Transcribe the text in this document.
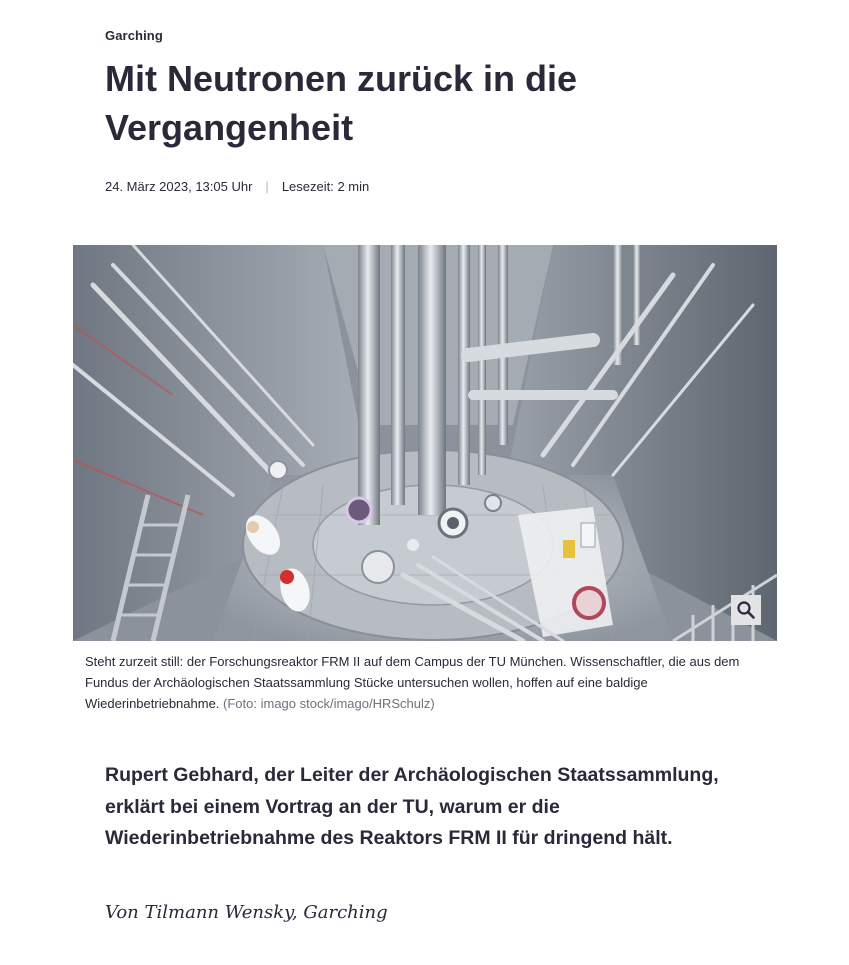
Garching
Mit Neutronen zurück in die Vergangenheit
24. März 2023, 13:05 Uhr | Lesezeit: 2 min

Steht zurzeit still: der Forschungsreaktor FRM II auf dem Campus der TU München. Wissenschaftler, die aus dem Fundus der Archäologischen Staatssammlung Stücke untersuchen wollen, hoffen auf eine baldige Wiederinbetriebnahme. (Foto: imago stock/imago/HRSchulz)

Rupert Gebhard, der Leiter der Archäologischen Staatssammlung, erklärt bei einem Vortrag an der TU, warum er die Wiederinbetriebnahme des Reaktors FRM II für dringend hält.

Von Tilmann Wensky, Garching
